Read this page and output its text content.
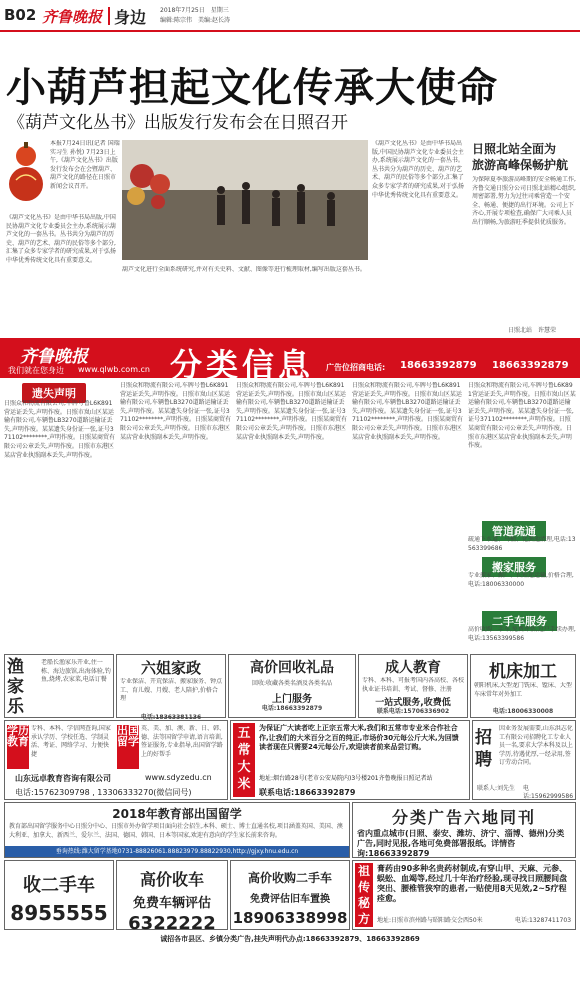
B02 齐鲁晚报 身边 2018年7月25日　星期三
编辑:陈宗伟　美编:赵长涛
小葫芦担起文化传承大使命
《葫芦文化丛书》出版发行发布会在日照召开
本报7月24日讯(记者 国瑞 实习生 孙悦) 7月23日上午,《葫芦文化丛书》出版发行发布会在会暨葫芦、葫芦文化的路径在日照市新闻会议召开。
《葫芦文化丛书》是由中华书局出版,中国民协葫芦文化专业委员会主办,系统展示葫芦文化的一套丛书。丛书共分为葫芦的历史、葫芦的艺术、葫芦的民俗等多个部分,汇集了众多专家学者的研究成果,对于弘扬中华优秀传统文化具有重要意义。
葫芦文化进行全面系统研究,并对有关史料、文献、图像等进行梳理取材,编写出版这套丛书。
《葫芦文化丛书》是由中华书局出版,中国民协葫芦文化专业委员会主办,系统展示葫芦文化的一套丛书。丛书共分为葫芦的历史、葫芦的艺术、葫芦的民俗等多个部分,汇集了众多专家学者的研究成果,对于弘扬中华优秀传统文化具有重要意义。
日照北站全面为
旅游高峰保畅护航
为保障夏季旅游高峰期的安全畅通工作,齐鲁交通日照分公司日照北站精心组织,周密部署,努力为过往司乘营造一个安全、畅通、便捷的出行环境。公司上下齐心,开展专项检查,确保广大司乘人员出行顺畅,为旅游旺季提供优质服务。
日照北站　许慧荣
齐鲁晚报
我们就在您身边 www.qlwb.com.cn 分类信息 广告位招商电话: 18663392879 18663392879
遗失声明
日照众和物流有限公司,车牌号鲁L6K891营运证丢失,声明作废。日照市岚山区某运输有限公司,车辆鲁LB3270道路运输证丢失,声明作废。某某遗失身份证一张,证号371102********,声明作废。日照某商贸有限公司公章丢失,声明作废。日照市东港区某店营业执照副本丢失,声明作废。
日照众和物流有限公司,车牌号鲁L6K891营运证丢失,声明作废。日照市岚山区某运输有限公司,车辆鲁LB3270道路运输证丢失,声明作废。某某遗失身份证一张,证号371102********,声明作废。日照某商贸有限公司公章丢失,声明作废。日照市东港区某店营业执照副本丢失,声明作废。
日照众和物流有限公司,车牌号鲁L6K891营运证丢失,声明作废。日照市岚山区某运输有限公司,车辆鲁LB3270道路运输证丢失,声明作废。某某遗失身份证一张,证号371102********,声明作废。日照某商贸有限公司公章丢失,声明作废。日照市东港区某店营业执照副本丢失,声明作废。
日照众和物流有限公司,车牌号鲁L6K891营运证丢失,声明作废。日照市岚山区某运输有限公司,车辆鲁LB3270道路运输证丢失,声明作废。某某遗失身份证一张,证号371102********,声明作废。日照某商贸有限公司公章丢失,声明作废。日照市东港区某店营业执照副本丢失,声明作废。
日照众和物流有限公司,车牌号鲁L6K891营运证丢失,声明作废。日照市岚山区某运输有限公司,车辆鲁LB3270道路运输证丢失,声明作废。某某遗失身份证一张,证号371102********,声明作废。日照某商贸有限公司公章丢失,声明作废。日照市东港区某店营业执照副本丢失,声明作废。
管道疏通
疏通下水道、马桶、化粪池清理,电话:13563399686
搬家服务
专业搬家、搬厂、长短途运输,价格合理,电话:18006330000
二手车服务
高价收购二手车,免费评估,过户手续办理,电话:13563399586
渔家乐
老船长渔家乐开业,住一栋、海边旅馆,出海体验,钓鱼,烧烤,农家菜,电话订餐
六姐家政
专业保洁、开荒保洁、搬家服务、钟点工、育儿嫂、月嫂、老人陪护,价格合理
电话:18363381136
高价回收礼品
回收:收藏各类名酒及各类名品
上门服务
电话:18663392879
成人教育
专科、本科、可报考国内各高校、各校执业证书培训、考试、督修、注册
一站式服务,收费低
联系电话:15706336902
机床加工
朝阳机床,大型龙门铣床、镗床、大型车床常年对外加工
电话:18006330008
学历教育
专科、本科、学信网查询,国家承认学历、学校任选、学制灵活、考证、网络学习、力便快捷
出国留学
英、美、加、澳、新、日、韩、德、法等国留学申请,语言培训,签证服务,专业指导,出国留学路上的好帮手
山东远卓教育咨询有限公司	www.sdyzedu.cn
电话:15762309798 , 13306333270(微信同号)
五常大米
为保证广大读者吃上正宗五常大米,我们和五常市专业米合作社合作,让我们的大米百分之百的纯正,市场价30元每公斤大米,为回馈读者现在只需要24元每公斤,欢迎读者前来品尝订购。
地址:烟台路28号(老市公安局院内)3号楼201齐鲁晚报日照记者站
联系电话:18663392879
招聘
因业务发展需要,山东洪志化工有限公司招聘化工专业人员一名,要求大学本科及以上学历,待遇优厚,一经录用,签订劳动合同。
联系人:刘先生 电话:15962999586
2018年教育部出国留学
教育部出国留学服务中心日照分中心、日照市外办留学项目面向社会招生,本科、硕士、博士直通名校,项目涵盖英国、美国、澳大利亚、加拿大、新西兰、爱尔兰、法国、德国、韩国、日本等国家,欢迎有意向的学生家长前来咨询。
垂询热线:潍大留学基地0731-88826061.88823979.88822930,http://gjxy.hnu.edu.cn
分类广告六地同刊
省内重点城市(日照、泰安、潍坊、济宁、淄博、德州)分类广告,同时见报,各地可免费部署报纸。详情咨询:18663392879
收二手车
8955555
高价收车
免费车辆评估
6322222
高价收购二手车
免费评估旧车置换
18906338998
祖传秘方
膏药由90多种名贵药材制成,有穿山甲、天麻、元参、蜈蚣、血竭等,经过几十年治疗经验,现寻找日照腰间盘突出、腰椎管狭窄的患者,一贴使用8天见效,2~5疗程痊愈。
地址:日照市滨州路与昭阳路交会西50米	电话:13287411703
诚招各市县区、乡镇分类广告,挂失声明代办点:18663392879、18663392869
